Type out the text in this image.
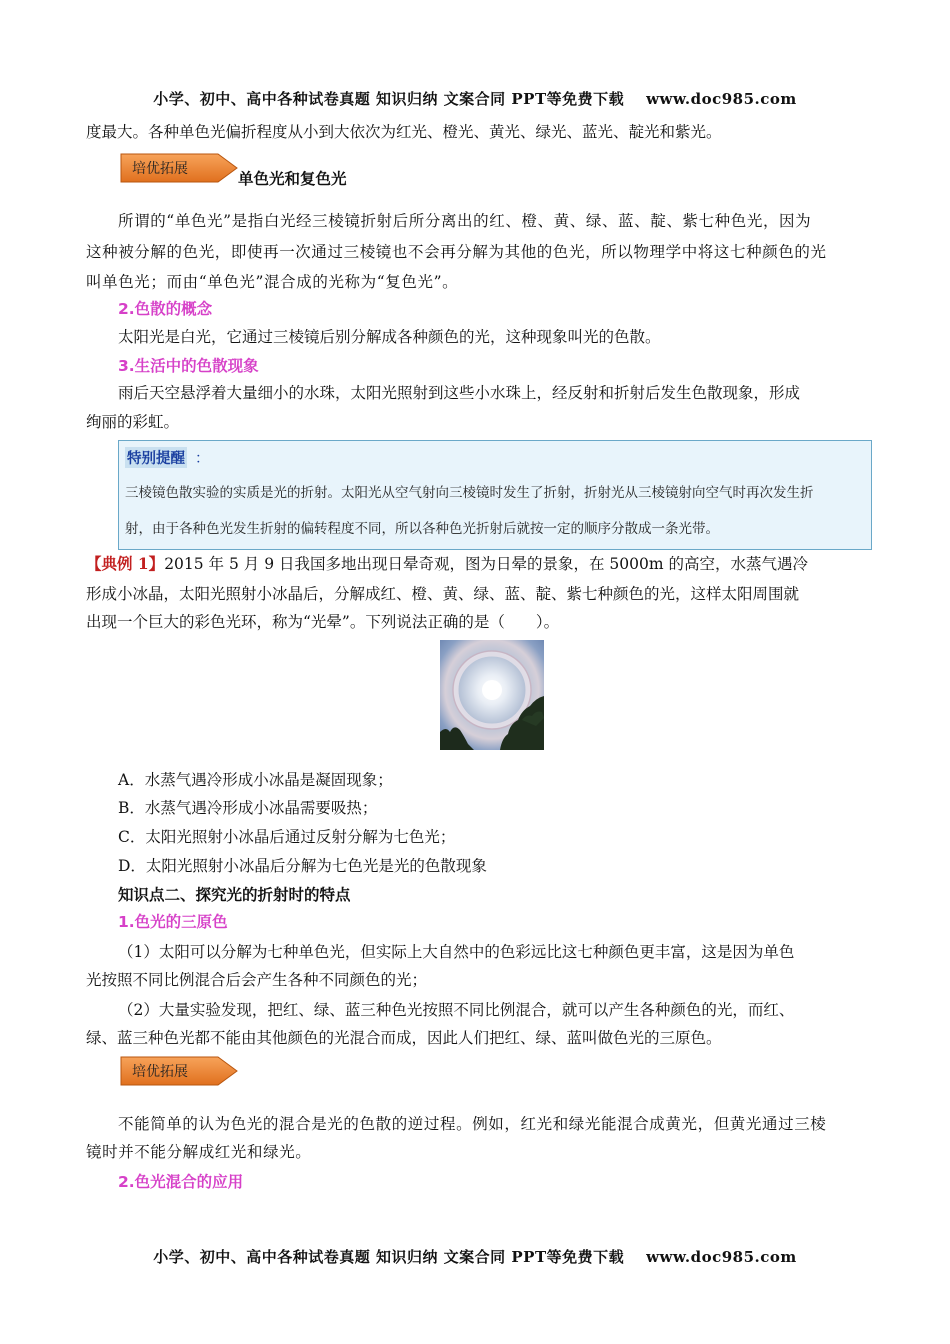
小学、初中、高中各种试卷真题 知识归纳 文案合同 PPT等免费下载 www.doc985.com
度最大。各种单色光偏折程度从小到大依次为红光、橙光、黄光、绿光、蓝光、靛光和紫光。
培优拓展
单色光和复色光
所谓的“单色光”是指白光经三棱镜折射后所分离出的红、橙、黄、绿、蓝、靛、紫七种色光，因为
这种被分解的色光，即使再一次通过三棱镜也不会再分解为其他的色光，所以物理学中将这七种颜色的光
叫单色光；而由“单色光”混合成的光称为“复色光”。
2.色散的概念
太阳光是白光，它通过三棱镜后别分解成各种颜色的光，这种现象叫光的色散。
3.生活中的色散现象
雨后天空悬浮着大量细小的水珠，太阳光照射到这些小水珠上，经反射和折射后发生色散现象，形成
绚丽的彩虹。
特别提醒 ：
三棱镜色散实验的实质是光的折射。太阳光从空气射向三棱镜时发生了折射，折射光从三棱镜射向空气时再次发生折
射，由于各种色光发生折射的偏转程度不同，所以各种色光折射后就按一定的顺序分散成一条光带。
【典例 1】2015 年 5 月 9 日我国多地出现日晕奇观，图为日晕的景象，在 5000m 的高空，水蒸气遇冷
形成小冰晶，太阳光照射小冰晶后，分解成红、橙、黄、绿、蓝、靛、紫七种颜色的光，这样太阳周围就
出现一个巨大的彩色光环，称为“光晕”。下列说法正确的是（　　）。
A．水蒸气遇冷形成小冰晶是凝固现象；
B．水蒸气遇冷形成小冰晶需要吸热；
C．太阳光照射小冰晶后通过反射分解为七色光；
D．太阳光照射小冰晶后分解为七色光是光的色散现象
知识点二、探究光的折射时的特点
1.色光的三原色
（1）太阳可以分解为七种单色光，但实际上大自然中的色彩远比这七种颜色更丰富，这是因为单色
光按照不同比例混合后会产生各种不同颜色的光；
（2）大量实验发现，把红、绿、蓝三种色光按照不同比例混合，就可以产生各种颜色的光，而红、
绿、蓝三种色光都不能由其他颜色的光混合而成，因此人们把红、绿、蓝叫做色光的三原色。
培优拓展
不能简单的认为色光的混合是光的色散的逆过程。例如，红光和绿光能混合成黄光，但黄光通过三棱
镜时并不能分解成红光和绿光。
2.色光混合的应用
小学、初中、高中各种试卷真题 知识归纳 文案合同 PPT等免费下载 www.doc985.com
